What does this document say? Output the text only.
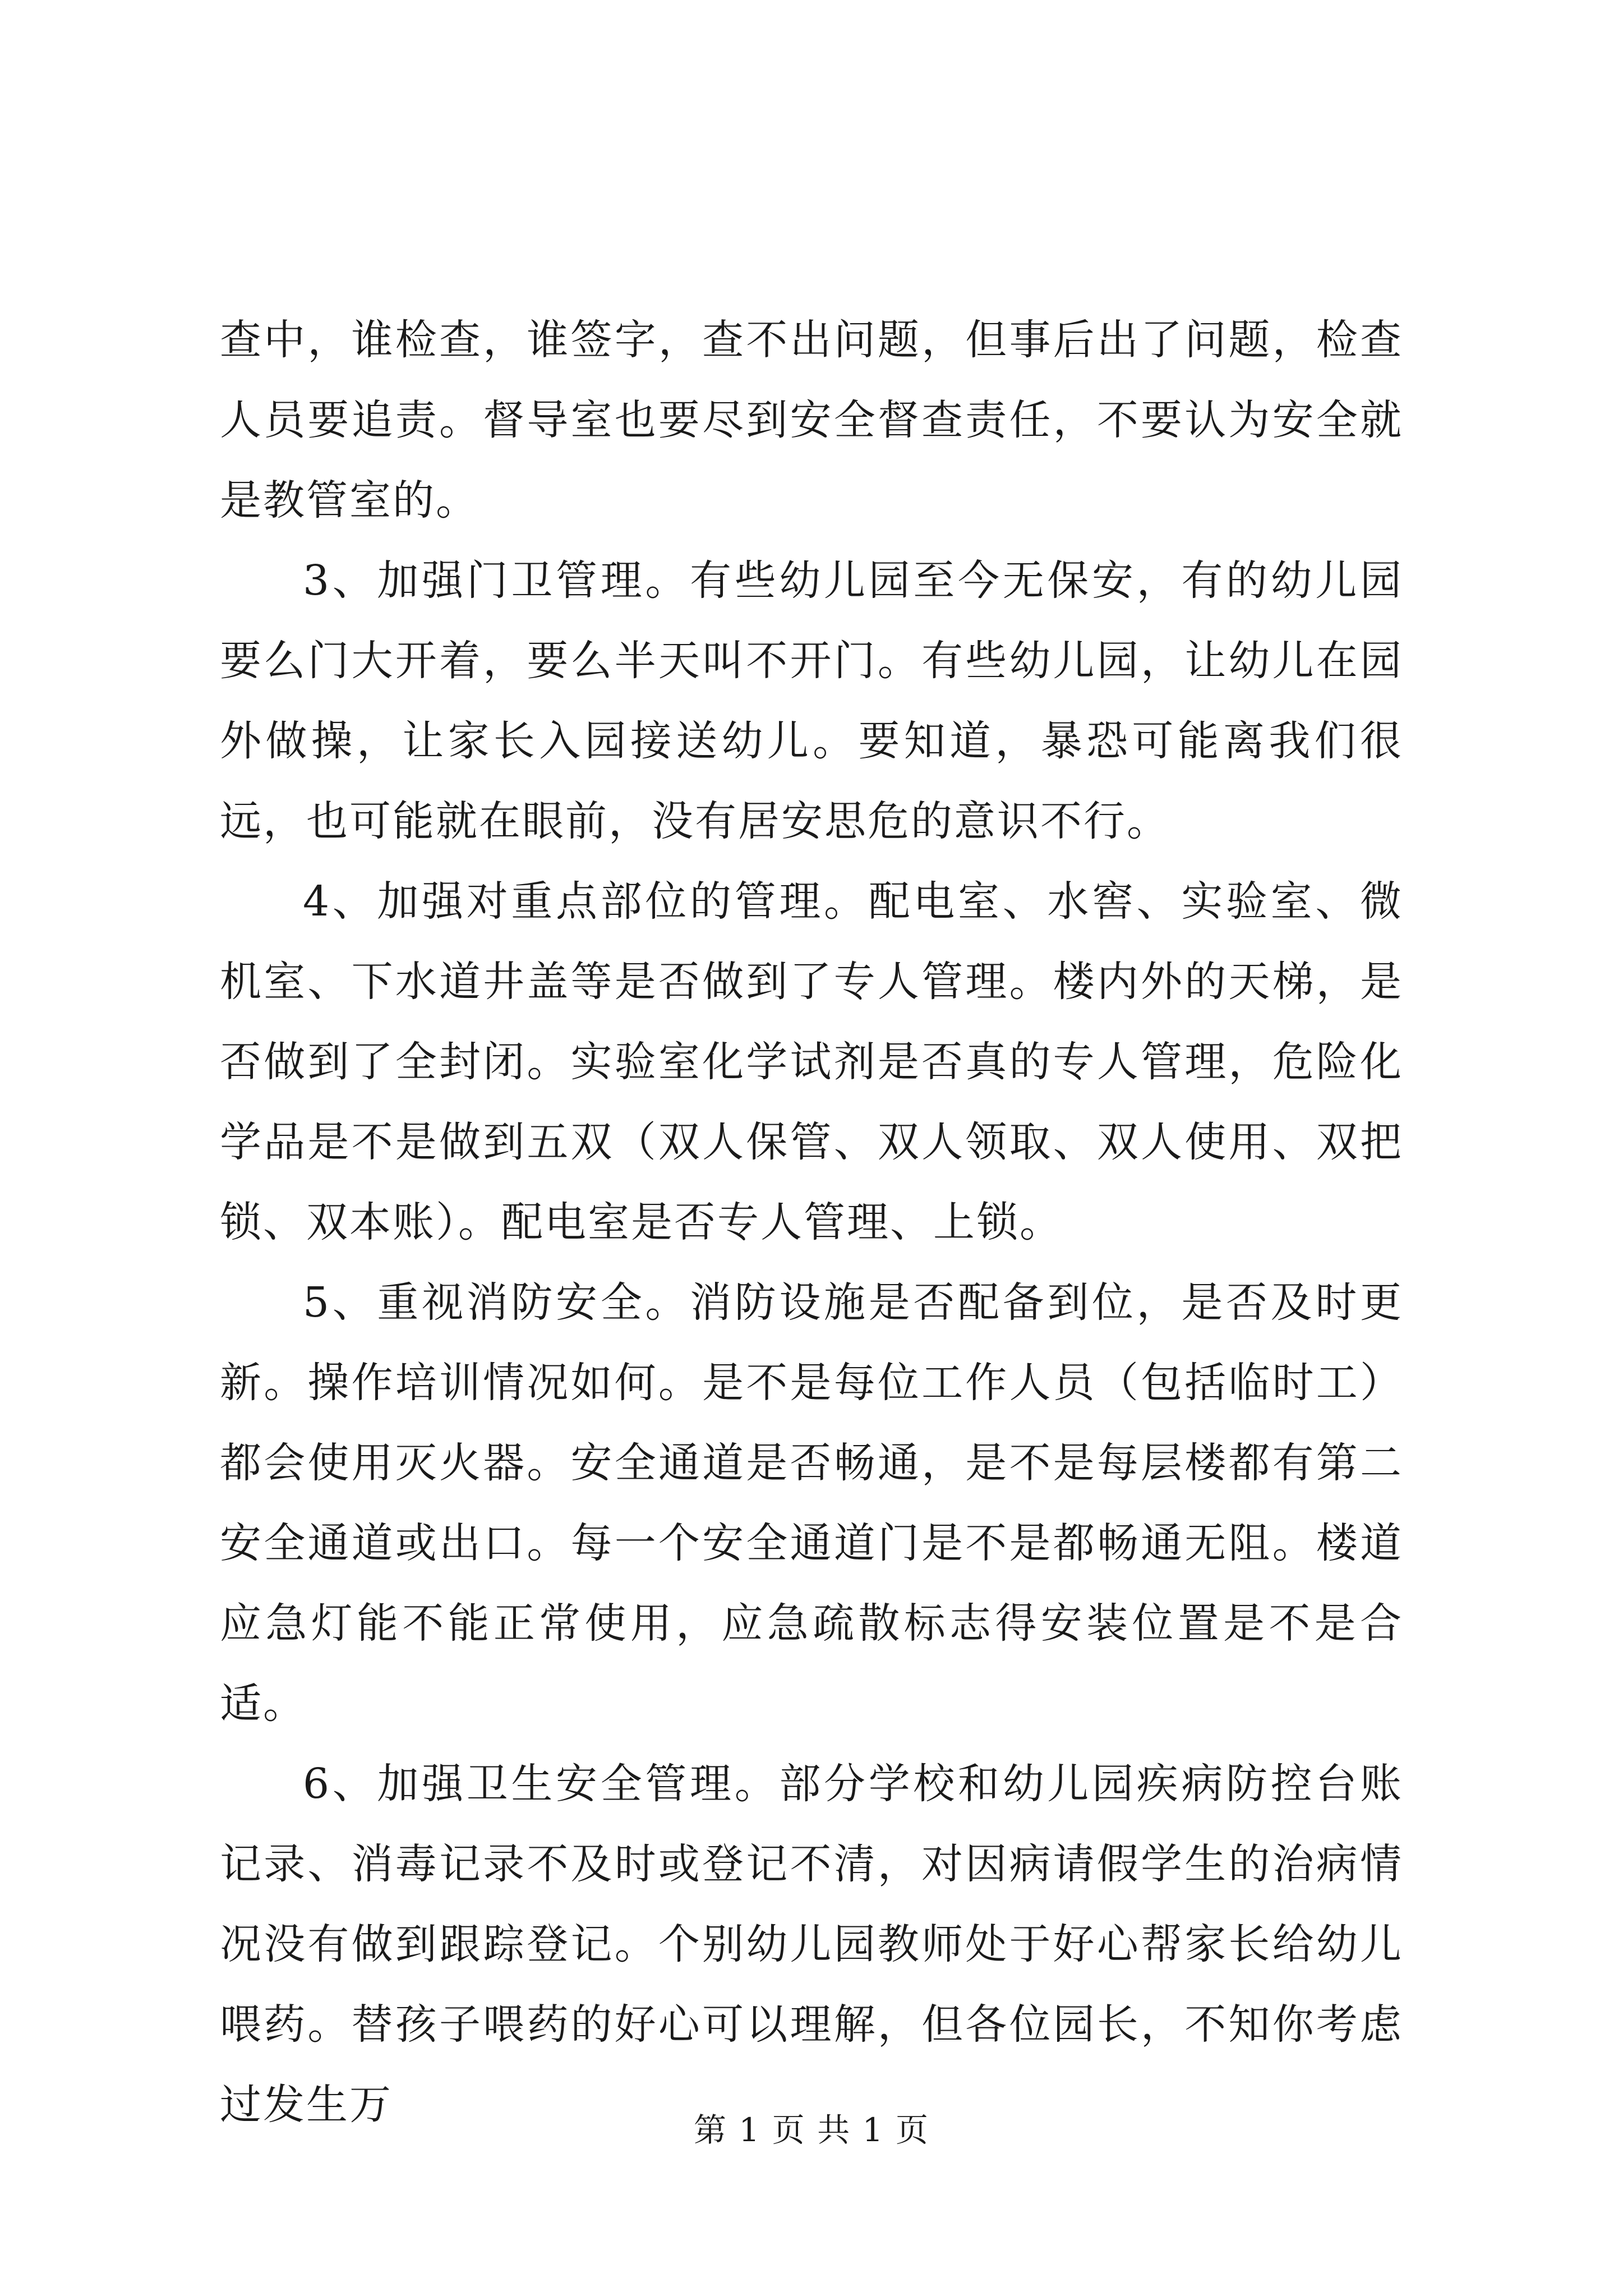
查中，谁检查，谁签字，查不出问题，但事后出了问题，检查人员要追责。督导室也要尽到安全督查责任，不要认为安全就是教管室的。

3、加强门卫管理。有些幼儿园至今无保安，有的幼儿园要么门大开着，要么半天叫不开门。有些幼儿园，让幼儿在园外做操，让家长入园接送幼儿。要知道，暴恐可能离我们很远，也可能就在眼前，没有居安思危的意识不行。

4、加强对重点部位的管理。配电室、水窖、实验室、微机室、下水道井盖等是否做到了专人管理。楼内外的天梯，是否做到了全封闭。实验室化学试剂是否真的专人管理，危险化学品是不是做到五双（双人保管、双人领取、双人使用、双把锁、双本账）。配电室是否专人管理、上锁。

5、重视消防安全。消防设施是否配备到位，是否及时更新。操作培训情况如何。是不是每位工作人员（包括临时工）都会使用灭火器。安全通道是否畅通，是不是每层楼都有第二安全通道或出口。每一个安全通道门是不是都畅通无阻。楼道应急灯能不能正常使用，应急疏散标志得安装位置是不是合适。

6、加强卫生安全管理。部分学校和幼儿园疾病防控台账记录、消毒记录不及时或登记不清，对因病请假学生的治病情况没有做到跟踪登记。个别幼儿园教师处于好心帮家长给幼儿喂药。替孩子喂药的好心可以理解，但各位园长，不知你考虑过发生万

第 1 页 共 1 页
